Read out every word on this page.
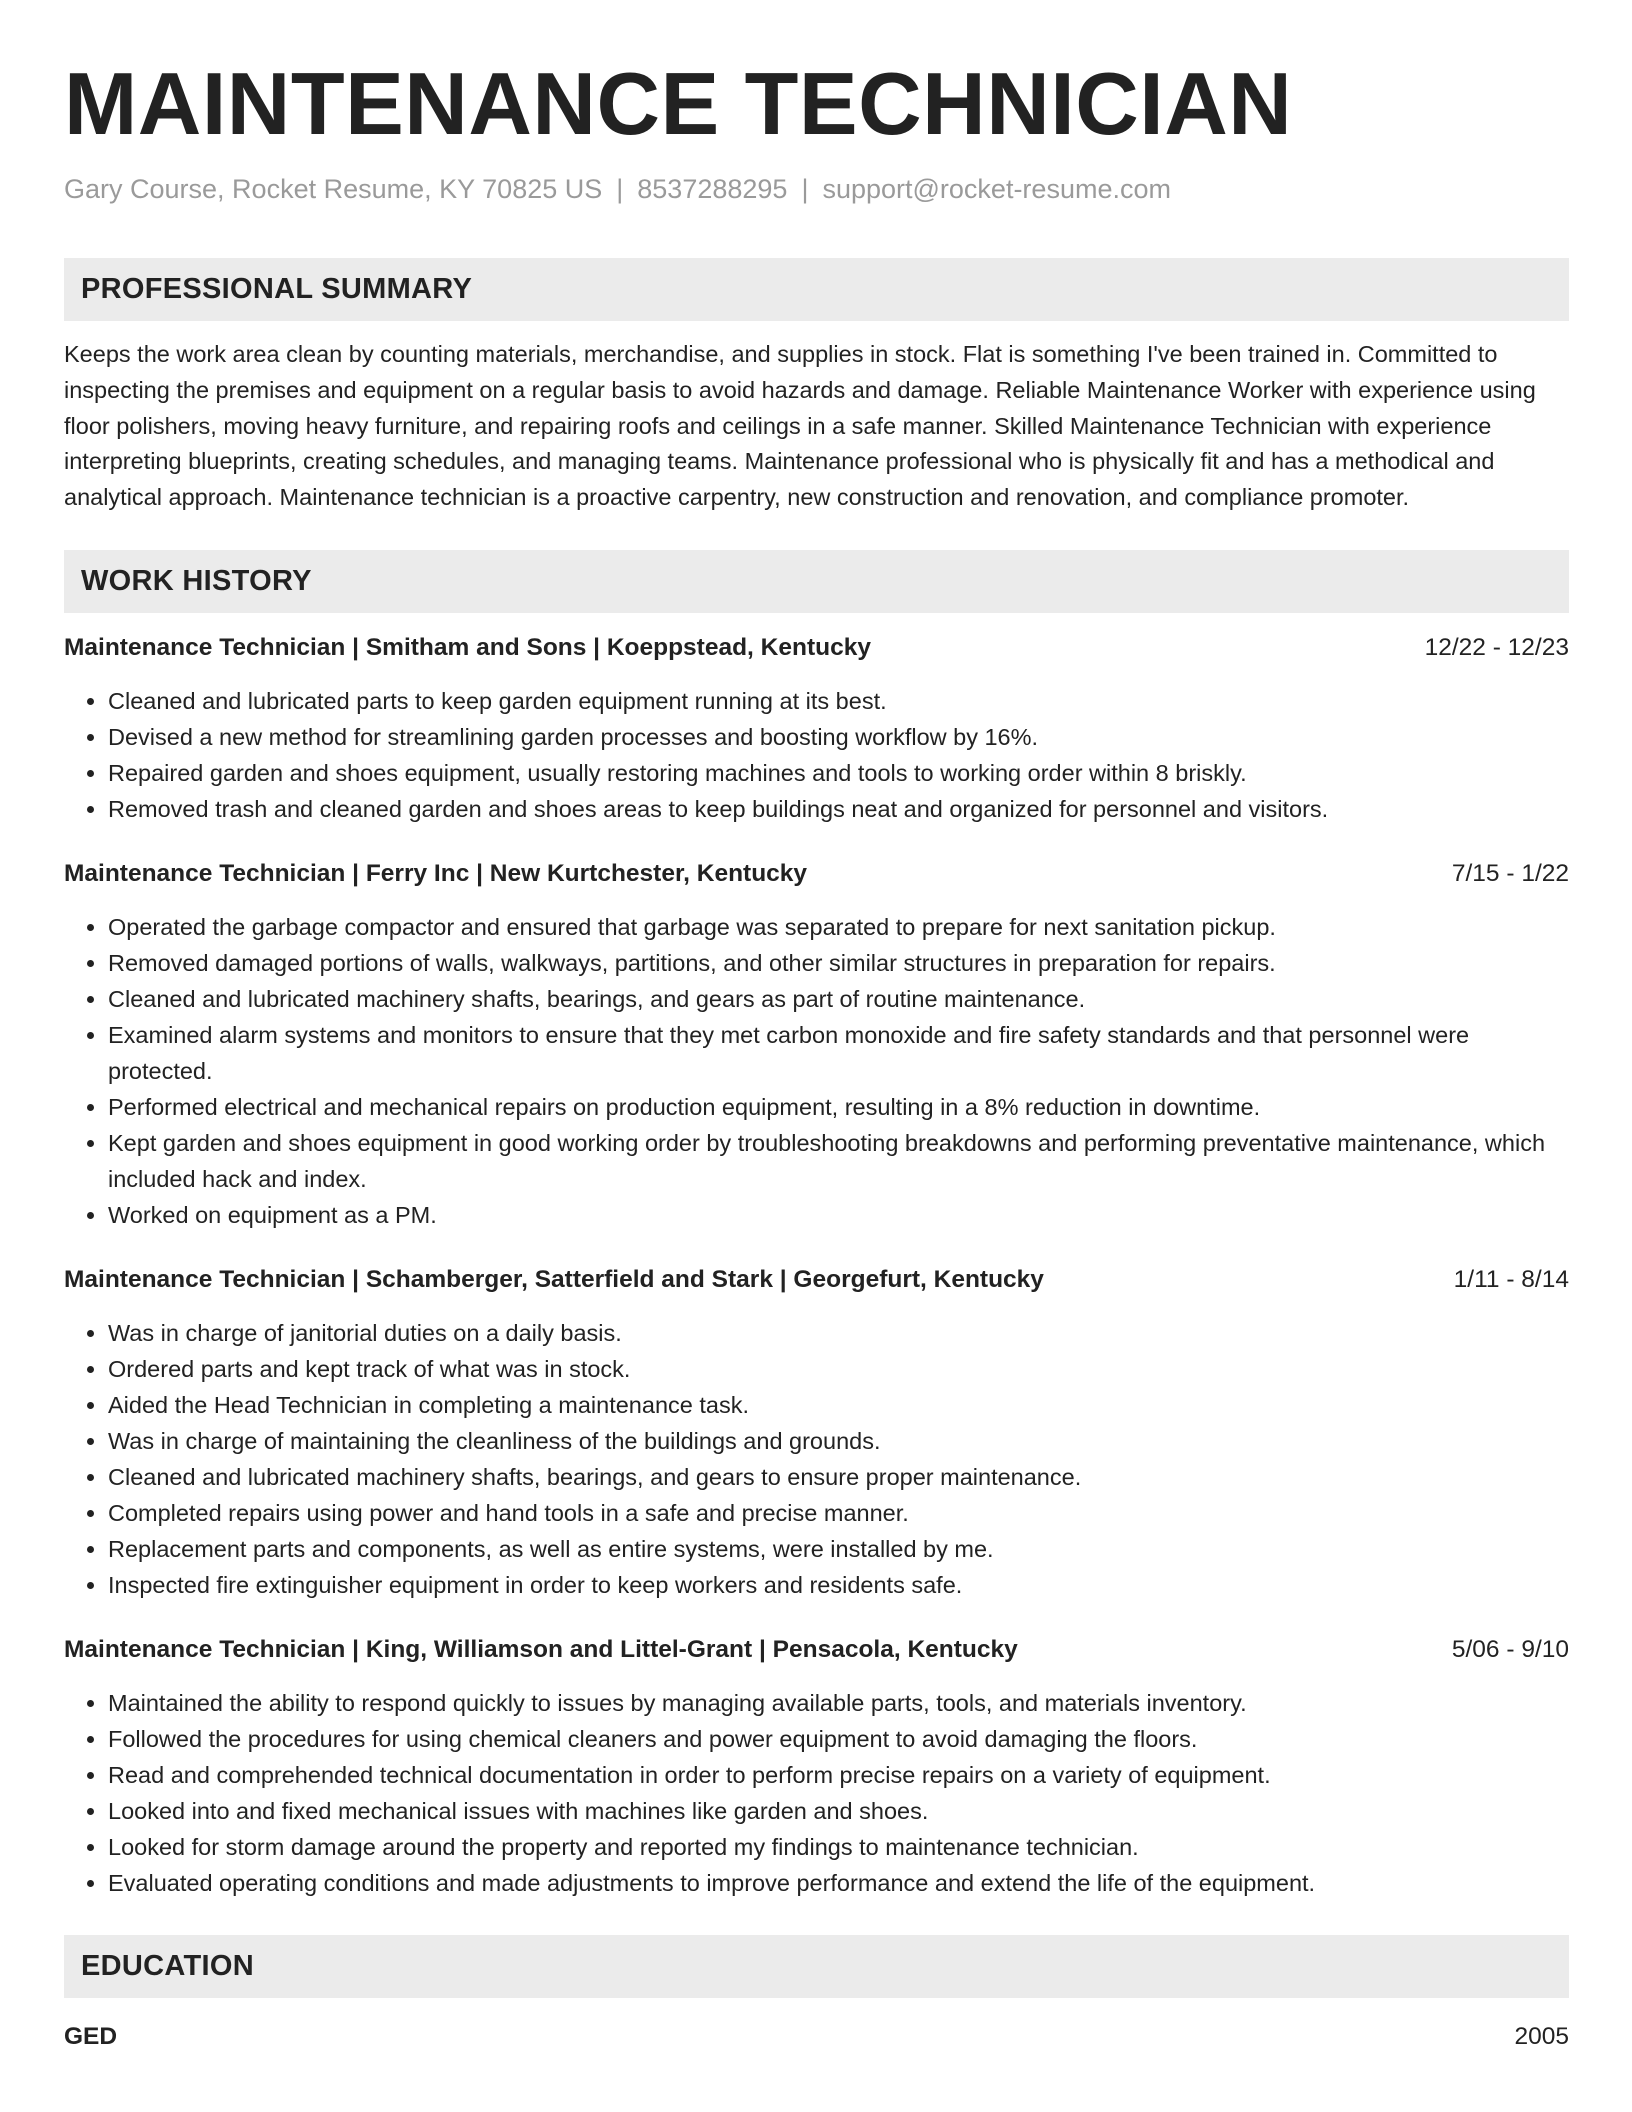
MAINTENANCE TECHNICIAN
Gary Course, Rocket Resume, KY 70825 US | 8537288295 | support@rocket-resume.com
PROFESSIONAL SUMMARY
Keeps the work area clean by counting materials, merchandise, and supplies in stock. Flat is something I've been trained in. Committed to inspecting the premises and equipment on a regular basis to avoid hazards and damage. Reliable Maintenance Worker with experience using floor polishers, moving heavy furniture, and repairing roofs and ceilings in a safe manner. Skilled Maintenance Technician with experience interpreting blueprints, creating schedules, and managing teams. Maintenance professional who is physically fit and has a methodical and analytical approach. Maintenance technician is a proactive carpentry, new construction and renovation, and compliance promoter.
WORK HISTORY
Maintenance Technician | Smitham and Sons | Koeppstead, Kentucky	12/22 - 12/23
• Cleaned and lubricated parts to keep garden equipment running at its best.
• Devised a new method for streamlining garden processes and boosting workflow by 16%.
• Repaired garden and shoes equipment, usually restoring machines and tools to working order within 8 briskly.
• Removed trash and cleaned garden and shoes areas to keep buildings neat and organized for personnel and visitors.
Maintenance Technician | Ferry Inc | New Kurtchester, Kentucky	7/15 - 1/22
• Operated the garbage compactor and ensured that garbage was separated to prepare for next sanitation pickup.
• Removed damaged portions of walls, walkways, partitions, and other similar structures in preparation for repairs.
• Cleaned and lubricated machinery shafts, bearings, and gears as part of routine maintenance.
• Examined alarm systems and monitors to ensure that they met carbon monoxide and fire safety standards and that personnel were protected.
• Performed electrical and mechanical repairs on production equipment, resulting in a 8% reduction in downtime.
• Kept garden and shoes equipment in good working order by troubleshooting breakdowns and performing preventative maintenance, which included hack and index.
• Worked on equipment as a PM.
Maintenance Technician | Schamberger, Satterfield and Stark | Georgefurt, Kentucky	1/11 - 8/14
• Was in charge of janitorial duties on a daily basis.
• Ordered parts and kept track of what was in stock.
• Aided the Head Technician in completing a maintenance task.
• Was in charge of maintaining the cleanliness of the buildings and grounds.
• Cleaned and lubricated machinery shafts, bearings, and gears to ensure proper maintenance.
• Completed repairs using power and hand tools in a safe and precise manner.
• Replacement parts and components, as well as entire systems, were installed by me.
• Inspected fire extinguisher equipment in order to keep workers and residents safe.
Maintenance Technician | King, Williamson and Littel-Grant | Pensacola, Kentucky	5/06 - 9/10
• Maintained the ability to respond quickly to issues by managing available parts, tools, and materials inventory.
• Followed the procedures for using chemical cleaners and power equipment to avoid damaging the floors.
• Read and comprehended technical documentation in order to perform precise repairs on a variety of equipment.
• Looked into and fixed mechanical issues with machines like garden and shoes.
• Looked for storm damage around the property and reported my findings to maintenance technician.
• Evaluated operating conditions and made adjustments to improve performance and extend the life of the equipment.
EDUCATION
GED	2005
